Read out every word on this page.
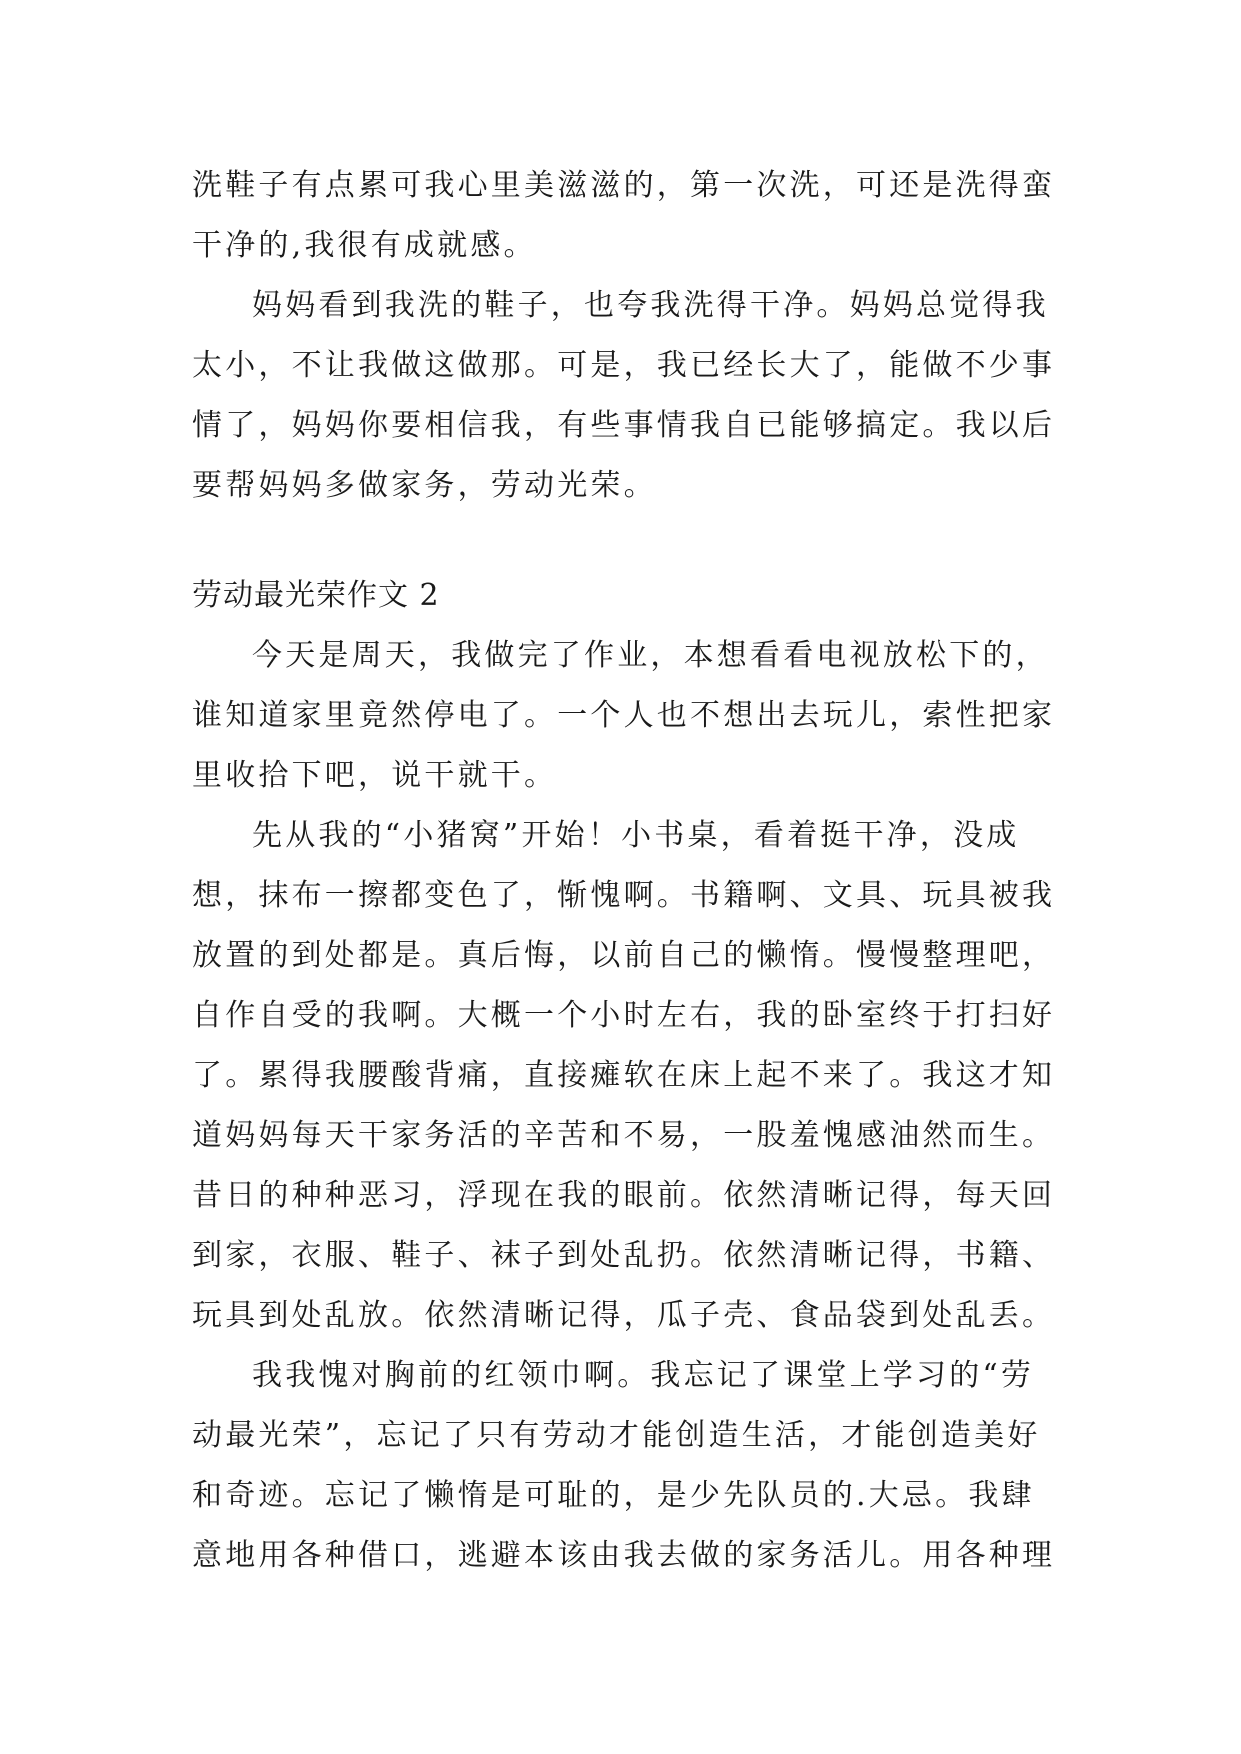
洗鞋子有点累可我心里美滋滋的，第一次洗，可还是洗得蛮
干净的,我很有成就感。
妈妈看到我洗的鞋子，也夸我洗得干净。妈妈总觉得我
太小，不让我做这做那。可是，我已经长大了，能做不少事
情了，妈妈你要相信我，有些事情我自已能够搞定。我以后
要帮妈妈多做家务，劳动光荣。
劳动最光荣作文 2
今天是周天，我做完了作业，本想看看电视放松下的，
谁知道家里竟然停电了。一个人也不想出去玩儿，索性把家
里收拾下吧，说干就干。
先从我的“小猪窝”开始！小书桌，看着挺干净，没成
想，抹布一擦都变色了，惭愧啊。书籍啊、文具、玩具被我
放置的到处都是。真后悔，以前自己的懒惰。慢慢整理吧，
自作自受的我啊。大概一个小时左右，我的卧室终于打扫好
了。累得我腰酸背痛，直接瘫软在床上起不来了。我这才知
道妈妈每天干家务活的辛苦和不易，一股羞愧感油然而生。
昔日的种种恶习，浮现在我的眼前。依然清晰记得，每天回
到家，衣服、鞋子、袜子到处乱扔。依然清晰记得，书籍、
玩具到处乱放。依然清晰记得，瓜子壳、食品袋到处乱丢。
我我愧对胸前的红领巾啊。我忘记了课堂上学习的“劳
动最光荣”，忘记了只有劳动才能创造生活，才能创造美好
和奇迹。忘记了懒惰是可耻的，是少先队员的.大忌。我肆
意地用各种借口，逃避本该由我去做的家务活儿。用各种理
